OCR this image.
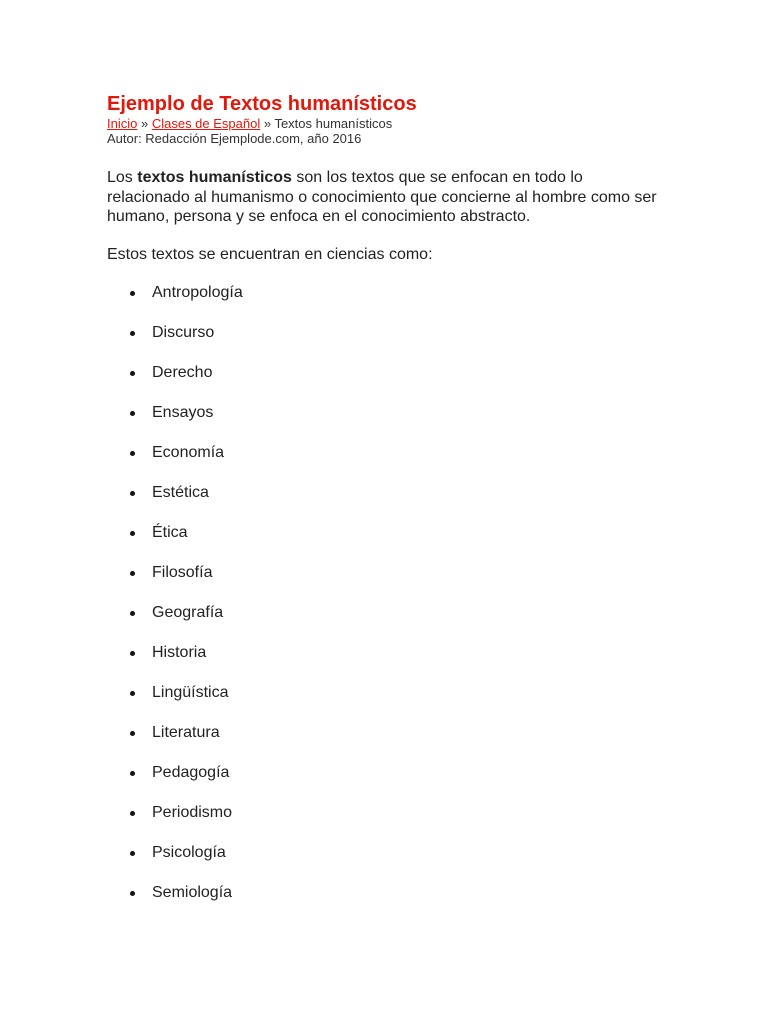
Ejemplo de Textos humanísticos
Inicio » Clases de Español » Textos humanísticos
Autor: Redacción Ejemplode.com, año 2016

Los textos humanísticos son los textos que se enfocan en todo lo relacionado al humanismo o conocimiento que concierne al hombre como ser humano, persona y se enfoca en el conocimiento abstracto.

Estos textos se encuentran en ciencias como:

Antropología
Discurso
Derecho
Ensayos
Economía
Estética
Ética
Filosofía
Geografía
Historia
Lingüística
Literatura
Pedagogía
Periodismo
Psicología
Semiología
